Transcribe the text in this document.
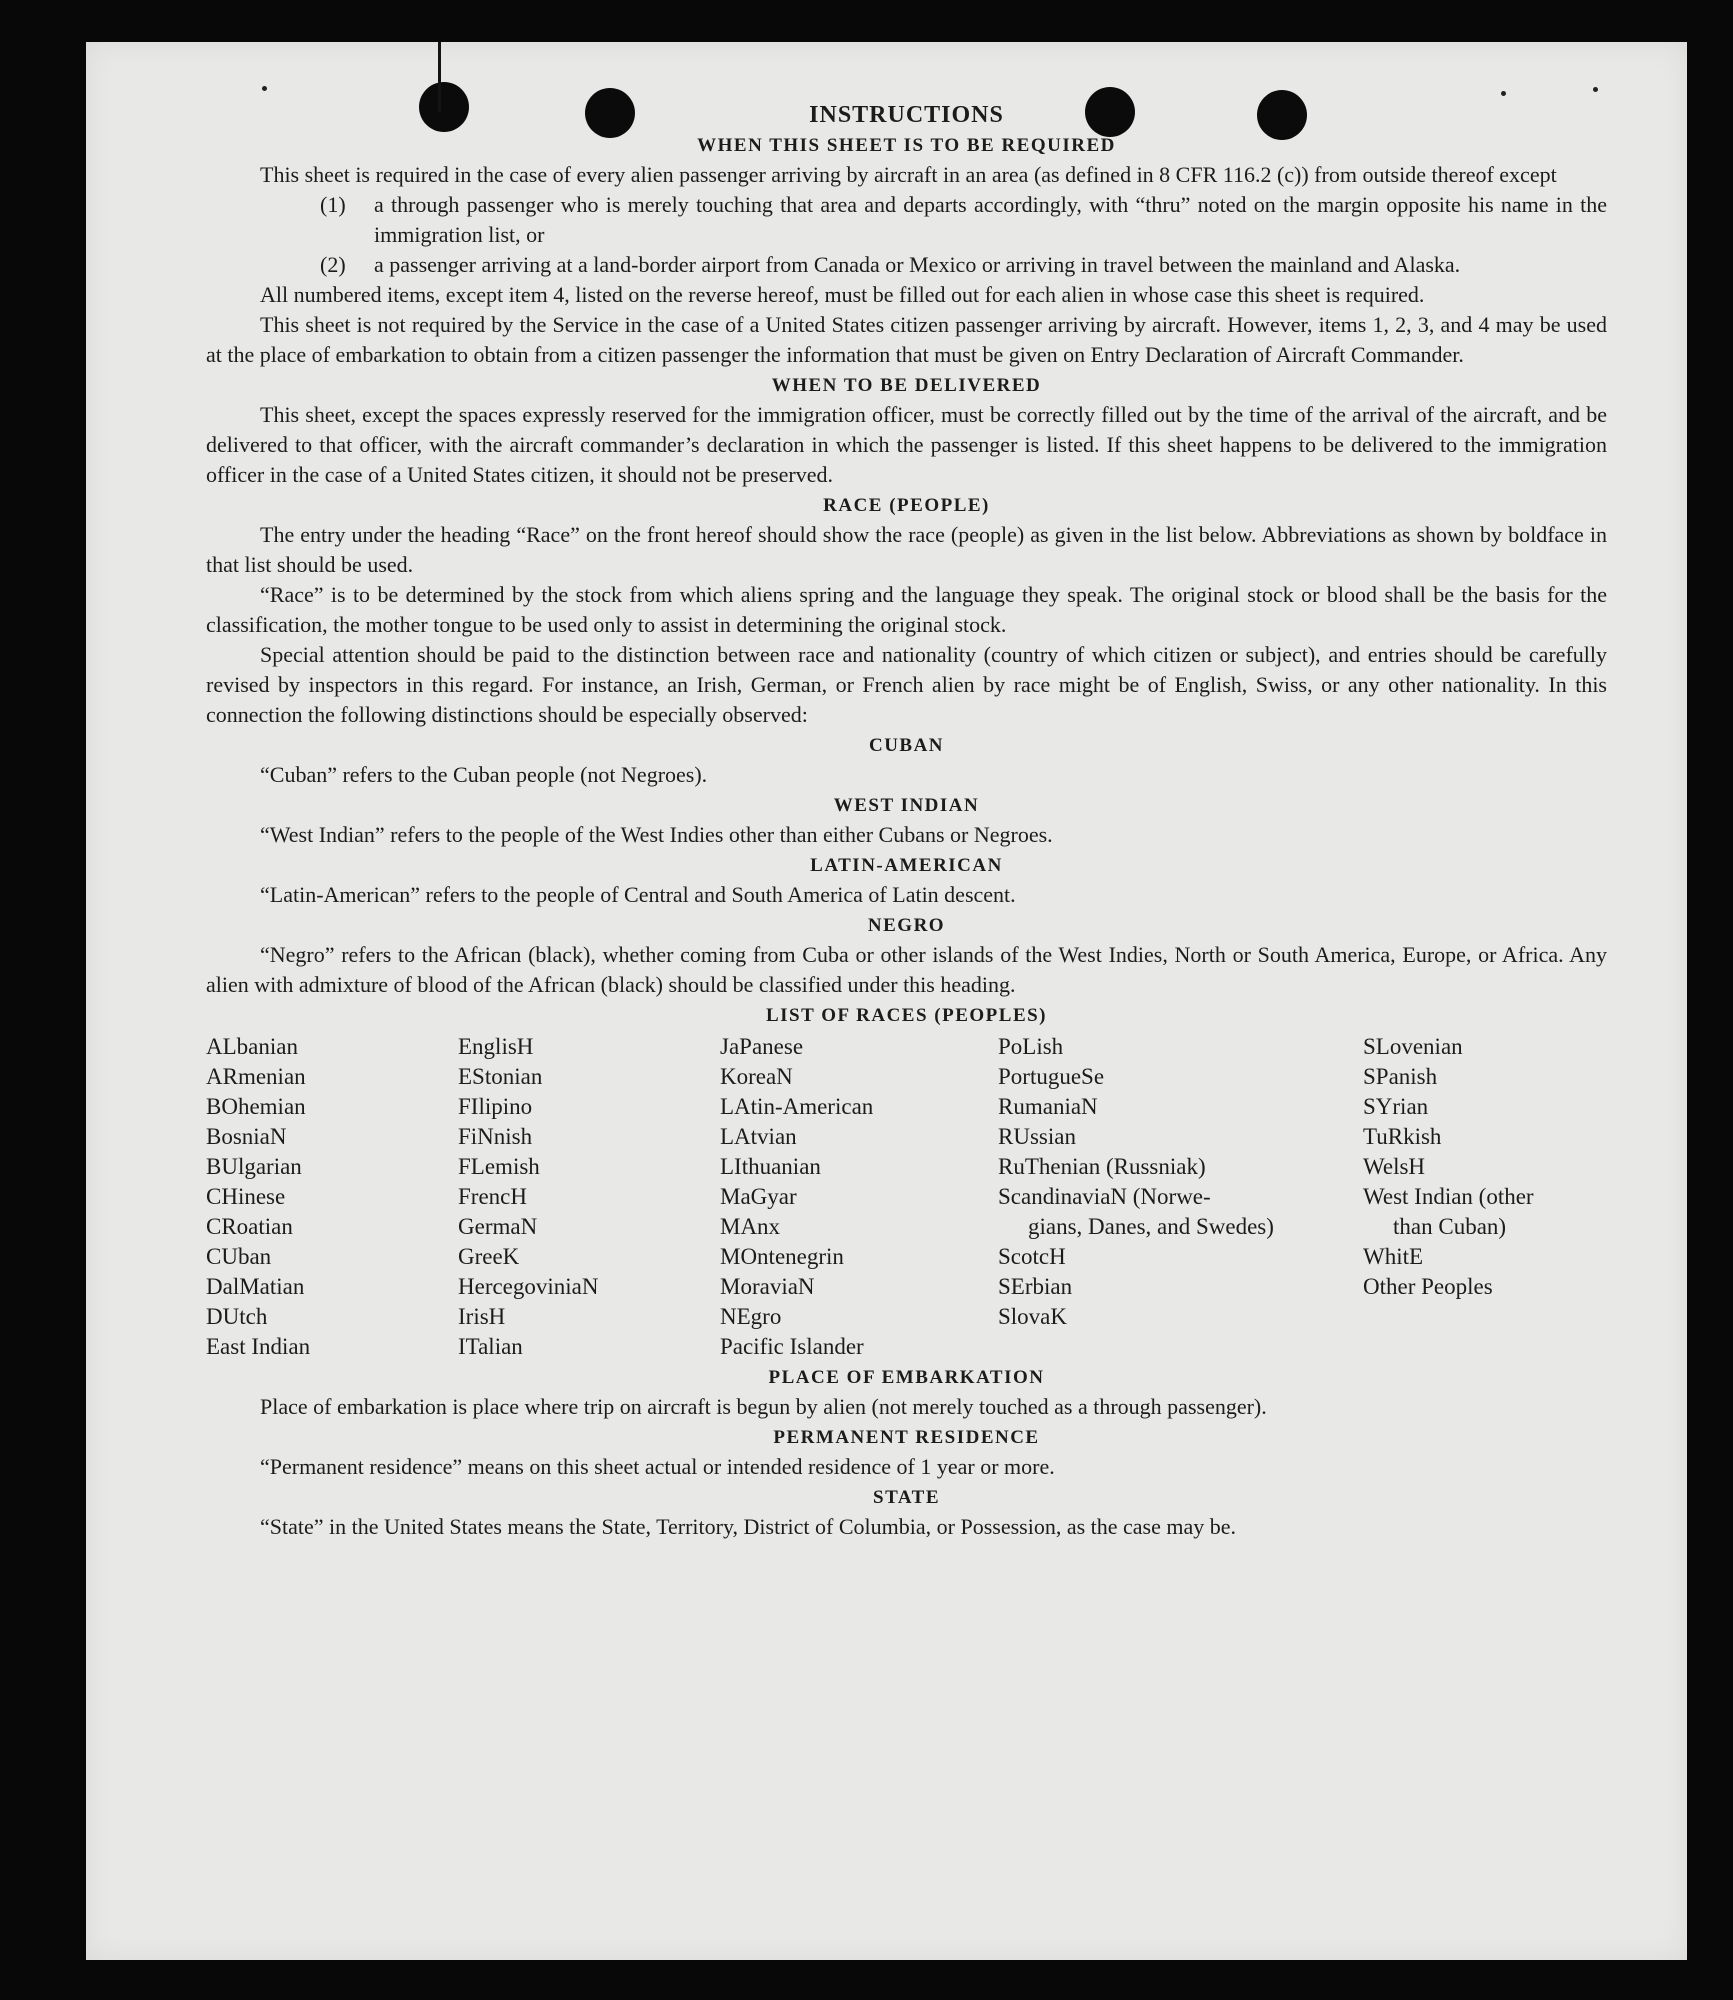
INSTRUCTIONS
WHEN THIS SHEET IS TO BE REQUIRED

This sheet is required in the case of every alien passenger arriving by aircraft in an area (as defined in 8 CFR 116.2 (c)) from outside thereof except

(1)	a through passenger who is merely touching that area and departs accordingly, with “thru” noted on the margin opposite his name in the immigration list, or
(2)	a passenger arriving at a land-border airport from Canada or Mexico or arriving in travel between the mainland and Alaska.

All numbered items, except item 4, listed on the reverse hereof, must be filled out for each alien in whose case this sheet is required.

This sheet is not required by the Service in the case of a United States citizen passenger arriving by aircraft. However, items 1, 2, 3, and 4 may be used at the place of embarkation to obtain from a citizen passenger the information that must be given on Entry Declaration of Aircraft Commander.

WHEN TO BE DELIVERED

This sheet, except the spaces expressly reserved for the immigration officer, must be correctly filled out by the time of the arrival of the aircraft, and be delivered to that officer, with the aircraft commander’s declaration in which the passenger is listed. If this sheet happens to be delivered to the immigration officer in the case of a United States citizen, it should not be preserved.

RACE (PEOPLE)

The entry under the heading “Race” on the front hereof should show the race (people) as given in the list below. Abbreviations as shown by boldface in that list should be used.

“Race” is to be determined by the stock from which aliens spring and the language they speak. The original stock or blood shall be the basis for the classification, the mother tongue to be used only to assist in determining the original stock.

Special attention should be paid to the distinction between race and nationality (country of which citizen or subject), and entries should be carefully revised by inspectors in this regard. For instance, an Irish, German, or French alien by race might be of English, Swiss, or any other nationality. In this connection the following distinctions should be especially observed:

CUBAN

“Cuban” refers to the Cuban people (not Negroes).

WEST INDIAN

“West Indian” refers to the people of the West Indies other than either Cubans or Negroes.

LATIN-AMERICAN

“Latin-American” refers to the people of Central and South America of Latin descent.

NEGRO

“Negro” refers to the African (black), whether coming from Cuba or other islands of the West Indies, North or South America, Europe, or Africa. Any alien with admixture of blood of the African (black) should be classified under this heading.

LIST OF RACES (PEOPLES)
ALbanian
ARmenian
BOhemian
BosniaN
BUlgarian
CHinese
CRoatian
CUban
DalMatian
DUtch
East Indian
EnglisH
EStonian
FIlipino
FiNnish
FLemish
FrencH
GermaN
GreeK
HercegoviniaN
IrisH
ITalian
JaPanese
KoreaN
LAtin-American
LAtvian
LIthuanian
MaGyar
MAnx
MOntenegrin
MoraviaN
NEgro
Pacific Islander
PoLish
PortugueSe
RumaniaN
RUssian
RuThenian (Russniak)
ScandinaviaN (Norwe-
gians, Danes, and Swedes)
ScotcH
SErbian
SlovaK
SLovenian
SPanish
SYrian
TuRkish
WelsH
West Indian (other
than Cuban)
WhitE
Other Peoples
PLACE OF EMBARKATION

Place of embarkation is place where trip on aircraft is begun by alien (not merely touched as a through passenger).

PERMANENT RESIDENCE

“Permanent residence” means on this sheet actual or intended residence of 1 year or more.

STATE

“State” in the United States means the State, Territory, District of Columbia, or Possession, as the case may be.
